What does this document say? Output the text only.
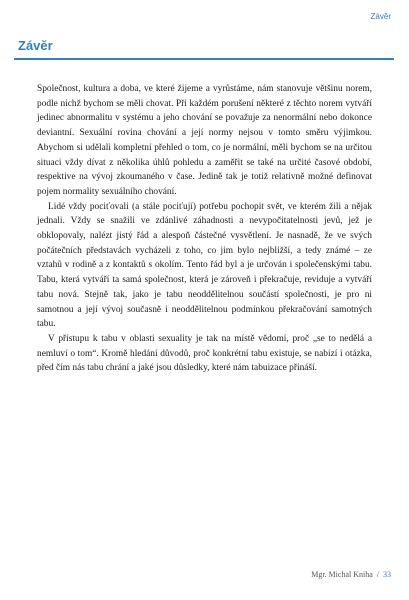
Závěr
Závěr

Společnost, kultura a doba, ve které žijeme a vyrůstáme, nám stanovuje většinu norem, podle nichž bychom se měli chovat. Při každém porušení některé z těchto norem vytváří jedinec abnormalitu v systému a jeho chování se považuje za nenormální nebo dokonce deviantní. Sexuální rovina chování a její normy nejsou v tomto směru výjimkou. Abychom si udělali kompletní přehled o tom, co je normální, měli bychom se na určitou situaci vždy dívat z několika úhlů pohledu a zaměřit se také na určité časové období, respektive na vývoj zkoumaného v čase. Jedině tak je totiž relativně možné definovat pojem normality sexuálního chování.

Lidé vždy pociťovali (a stále pociťují) potřebu pochopit svět, ve kterém žili a nějak jednali. Vždy se snažili ve zdánlivé záhadnosti a nevypočitatelnosti jevů, jež je obklopovaly, nalézt jistý řád a alespoň částečné vysvětlení. Je nasnadě, že ve svých počátečních představách vycházeli z toho, co jim bylo nejbližší, a tedy známé – ze vztahů v rodině a z kontaktů s okolím. Tento řád byl a je určován i společenskými tabu. Tabu, která vytváří ta samá společnost, která je zároveň i překračuje, reviduje a vytváří tabu nová. Stejně tak, jako je tabu neoddělitelnou součástí společnosti, je pro ni samotnou a její vývoj současně i neoddělitelnou podmínkou překračování samotných tabu.

V přístupu k tabu v oblasti sexuality je tak na místě vědomí, proč „se to nedělá a nemluví o tom“. Kromě hledání důvodů, proč konkrétní tabu existuje, se nabízí i otázka, před čím nás tabu chrání a jaké jsou důsledky, které nám tabuizace přináší.

Mgr. Michal Kniha / 33
